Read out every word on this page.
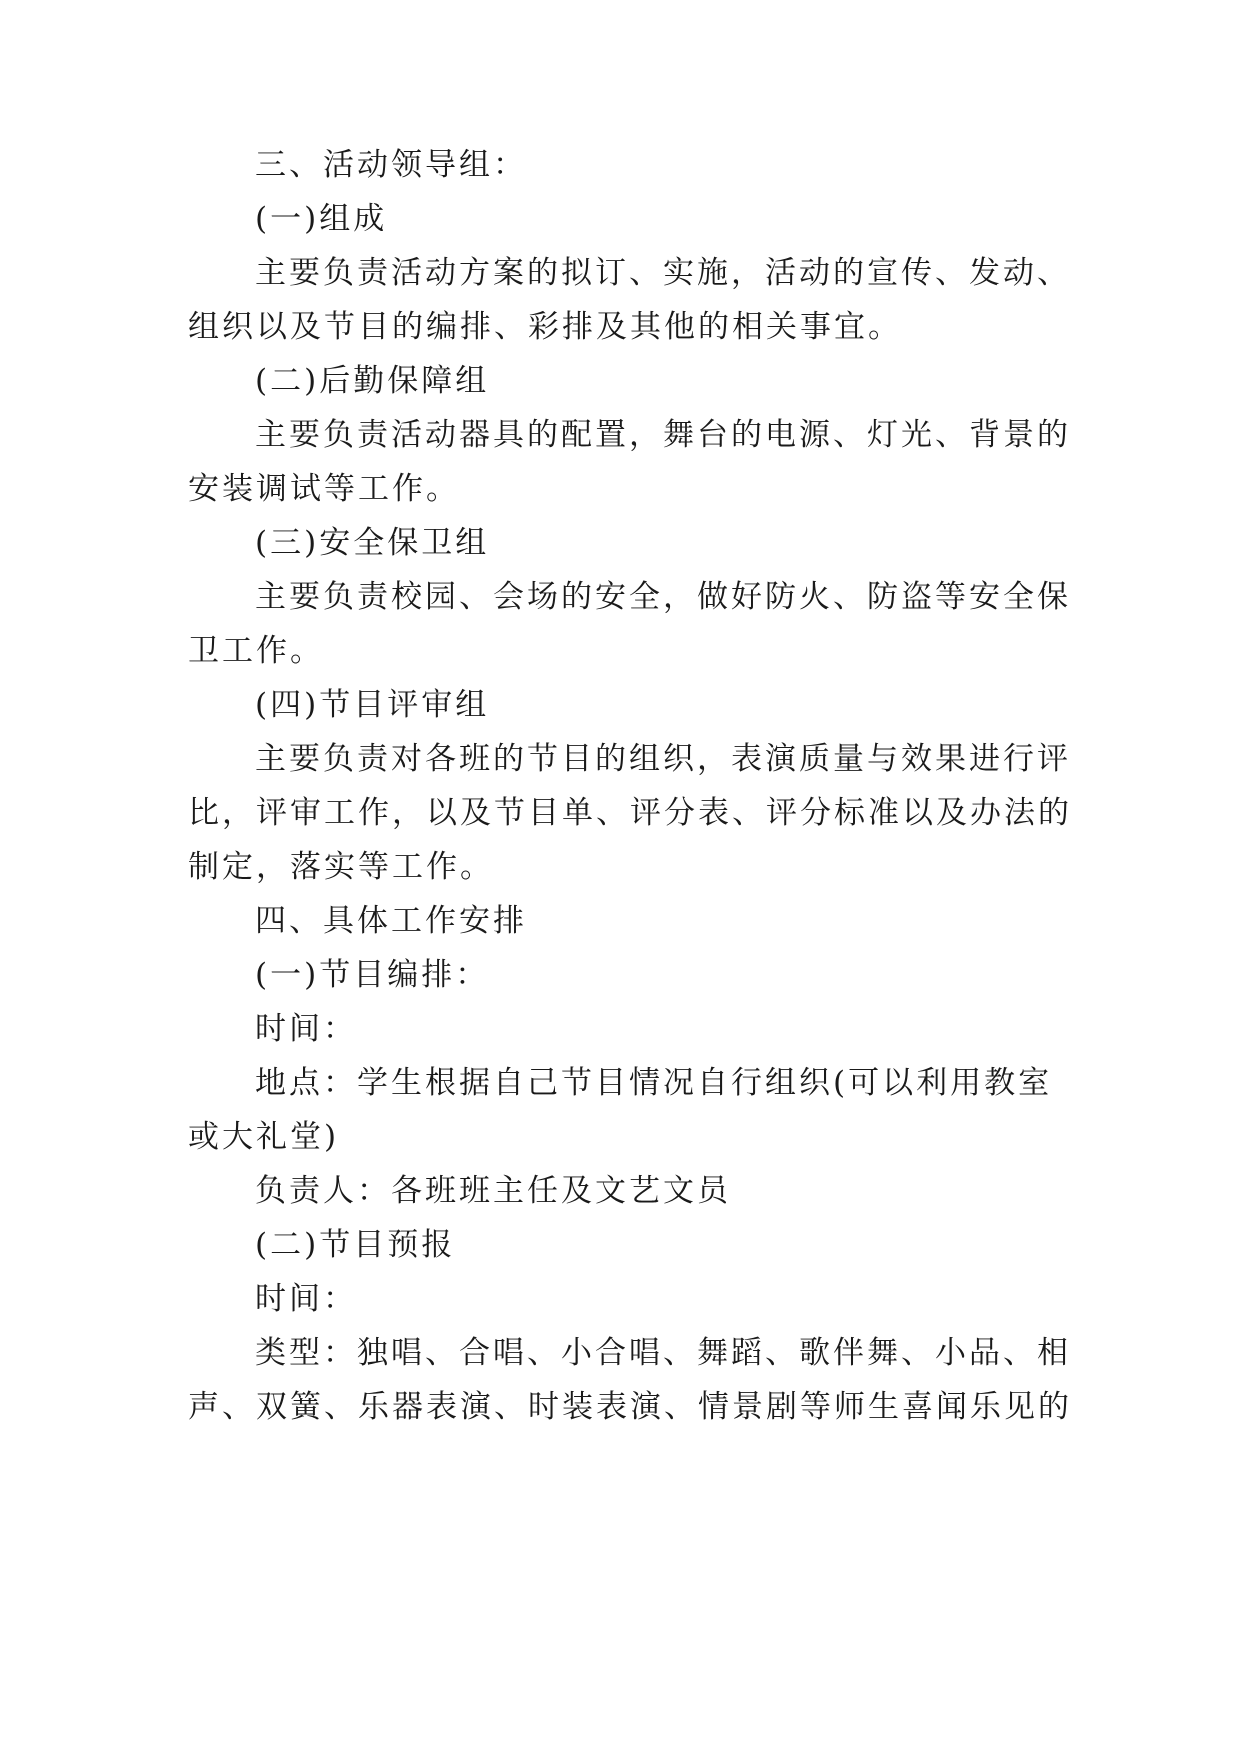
三、活动领导组：
(一)组成
主要负责活动方案的拟订、实施，活动的宣传、发动、
组织以及节目的编排、彩排及其他的相关事宜。
(二)后勤保障组
主要负责活动器具的配置，舞台的电源、灯光、背景的
安装调试等工作。
(三)安全保卫组
主要负责校园、会场的安全，做好防火、防盗等安全保
卫工作。
(四)节目评审组
主要负责对各班的节目的组织，表演质量与效果进行评
比，评审工作，以及节目单、评分表、评分标准以及办法的
制定，落实等工作。
四、具体工作安排
(一)节目编排：
时间：
地点：学生根据自己节目情况自行组织(可以利用教室
或大礼堂)
负责人：各班班主任及文艺文员
(二)节目预报
时间：
类型：独唱、合唱、小合唱、舞蹈、歌伴舞、小品、相
声、双簧、乐器表演、时装表演、情景剧等师生喜闻乐见的
